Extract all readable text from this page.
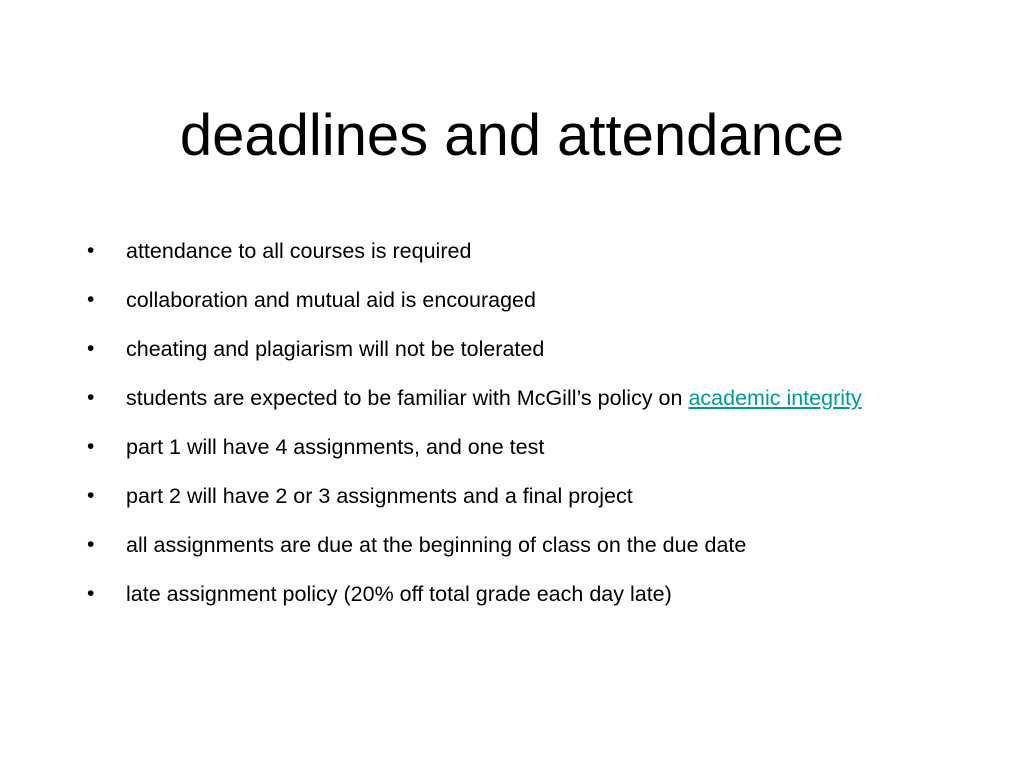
deadlines and attendance
• attendance to all courses is required
• collaboration and mutual aid is encouraged
• cheating and plagiarism will not be tolerated
• students are expected to be familiar with McGill’s policy on academic integrity
• part 1 will have 4 assignments, and one test
• part 2 will have 2 or 3 assignments and a final project
• all assignments are due at the beginning of class on the due date
• late assignment policy (20% off total grade each day late)
